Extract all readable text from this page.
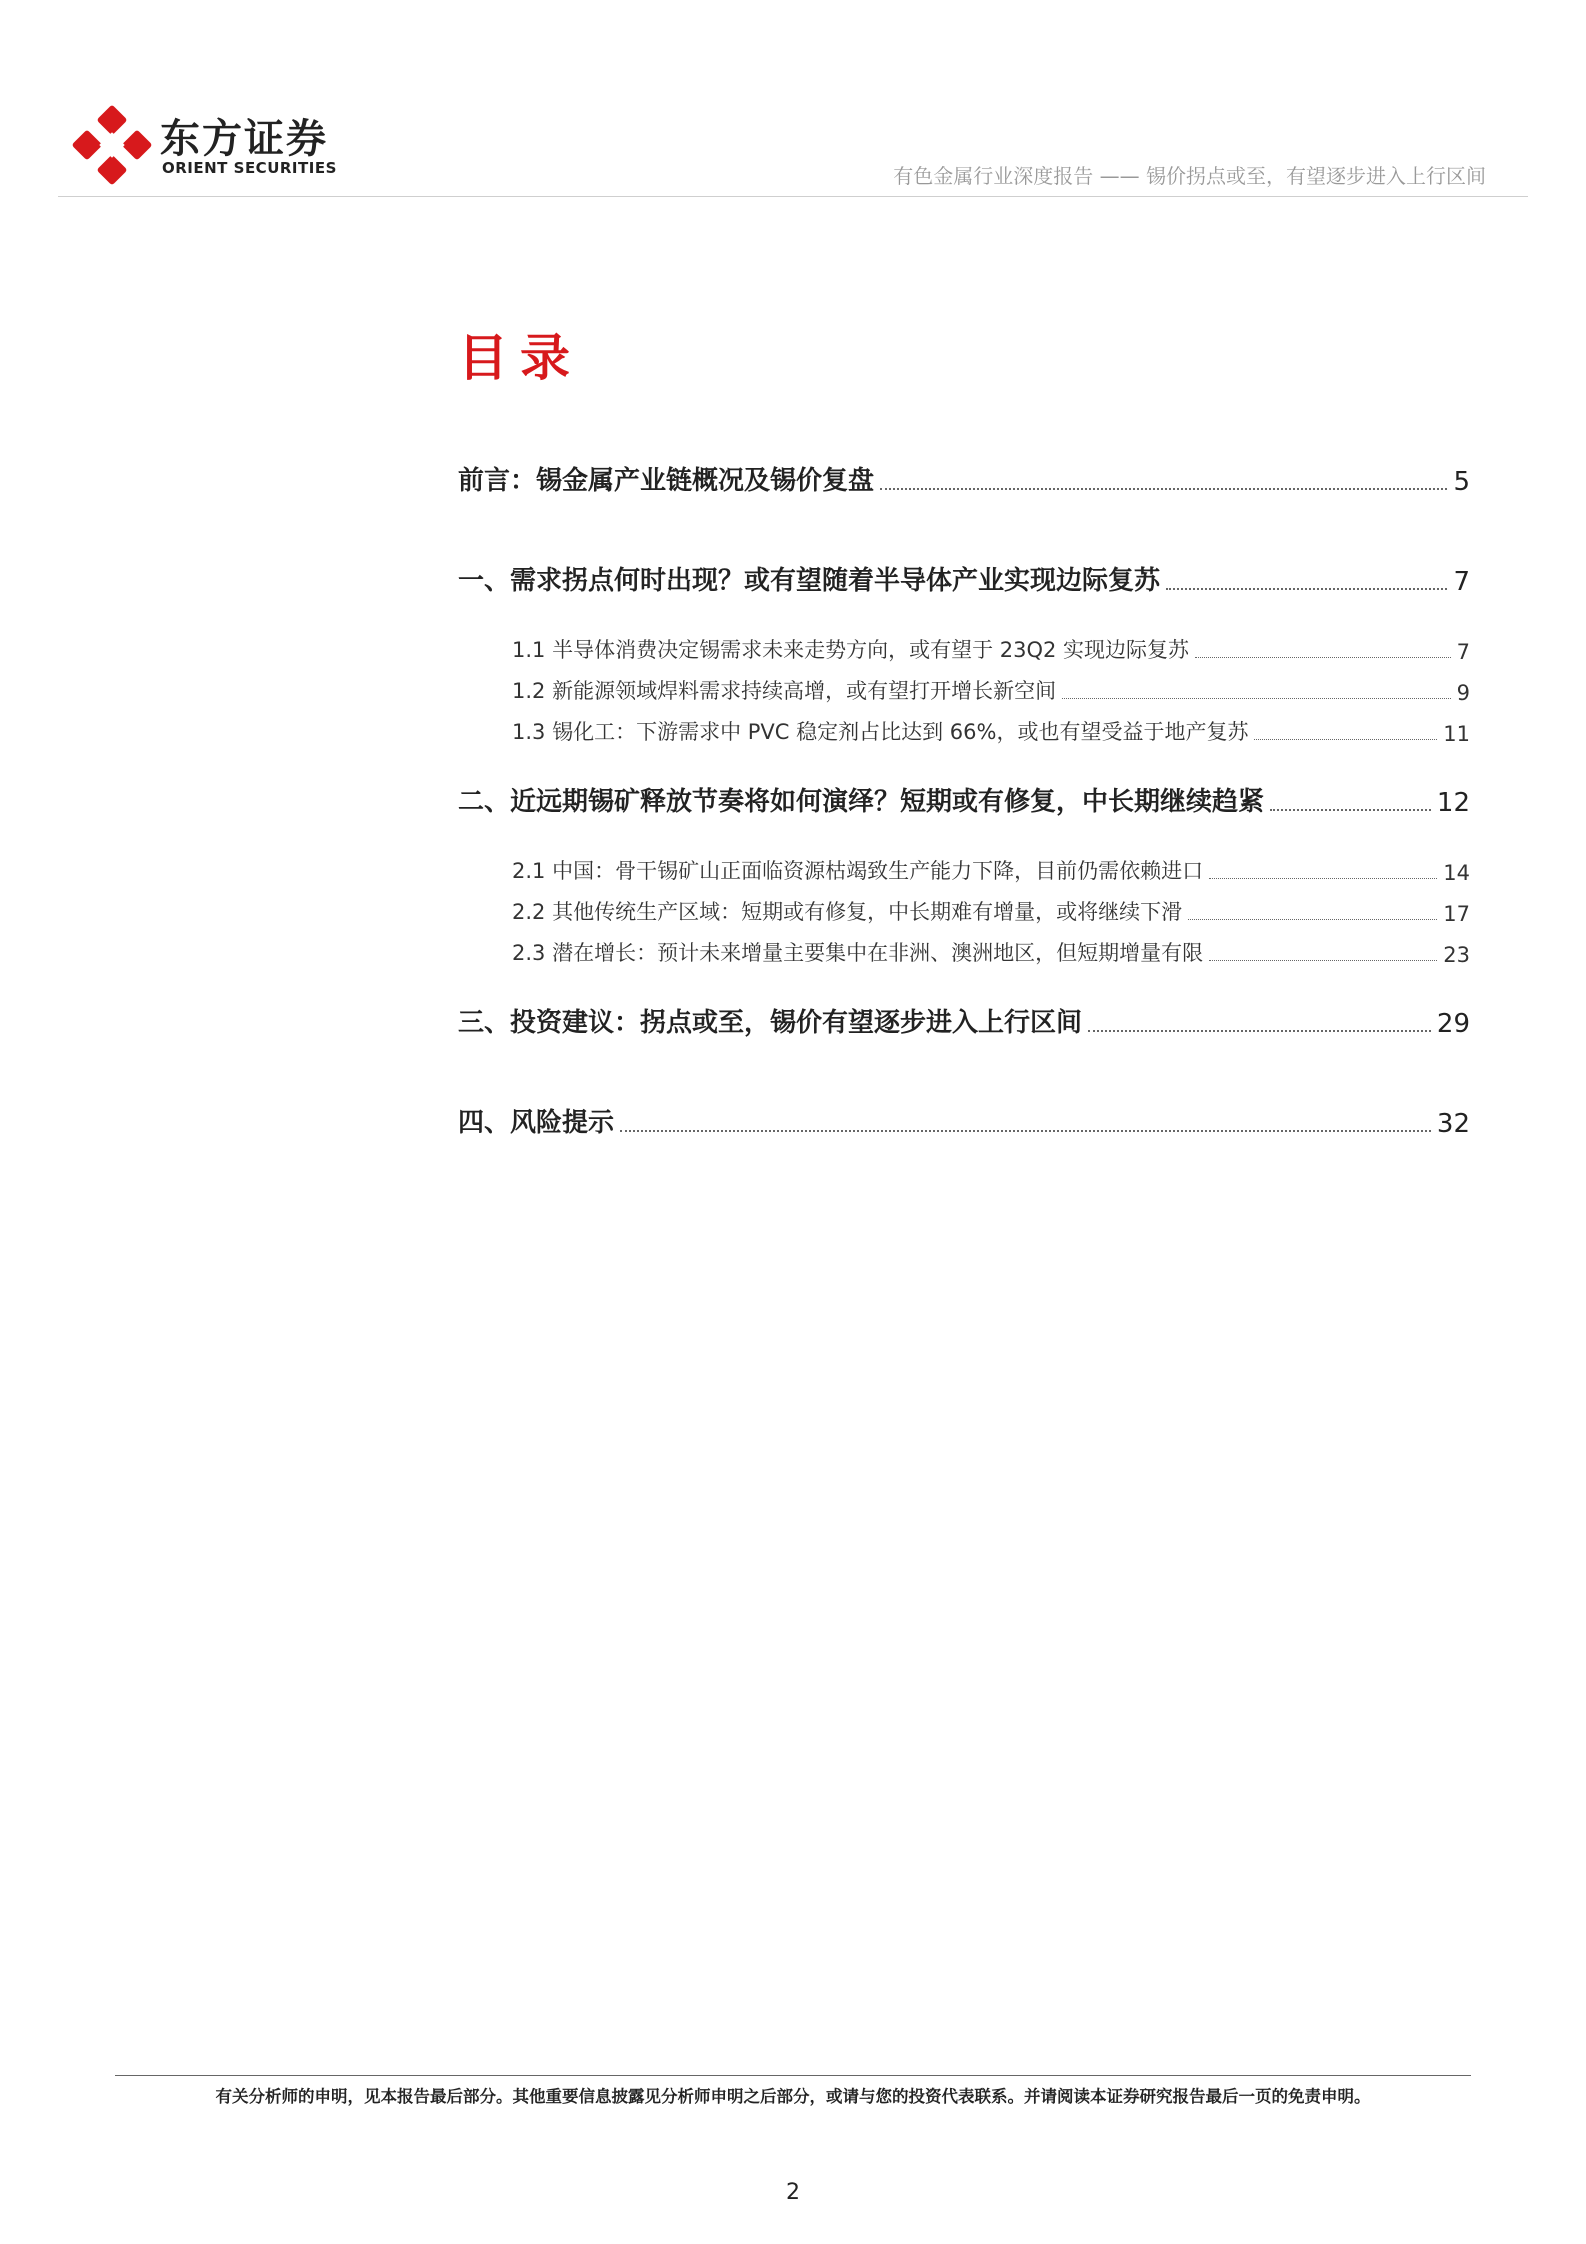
东方证券
ORIENT SECURITIES	有色金属行业深度报告 —— 锡价拐点或至，有望逐步进入上行区间
目录
前言：锡金属产业链概况及锡价复盘	5
一、需求拐点何时出现？或有望随着半导体产业实现边际复苏	7
1.1 半导体消费决定锡需求未来走势方向，或有望于 23Q2 实现边际复苏	7
1.2 新能源领域焊料需求持续高增，或有望打开增长新空间	9
1.3 锡化工：下游需求中 PVC 稳定剂占比达到 66%，或也有望受益于地产复苏	11
二、近远期锡矿释放节奏将如何演绎？短期或有修复，中长期继续趋紧	12
2.1 中国：骨干锡矿山正面临资源枯竭致生产能力下降，目前仍需依赖进口	14
2.2 其他传统生产区域：短期或有修复，中长期难有增量，或将继续下滑	17
2.3 潜在增长：预计未来增量主要集中在非洲、澳洲地区，但短期增量有限	23
三、投资建议：拐点或至，锡价有望逐步进入上行区间	29
四、风险提示	32
有关分析师的申明，见本报告最后部分。其他重要信息披露见分析师申明之后部分，或请与您的投资代表联系。并请阅读本证券研究报告最后一页的免责申明。
2
